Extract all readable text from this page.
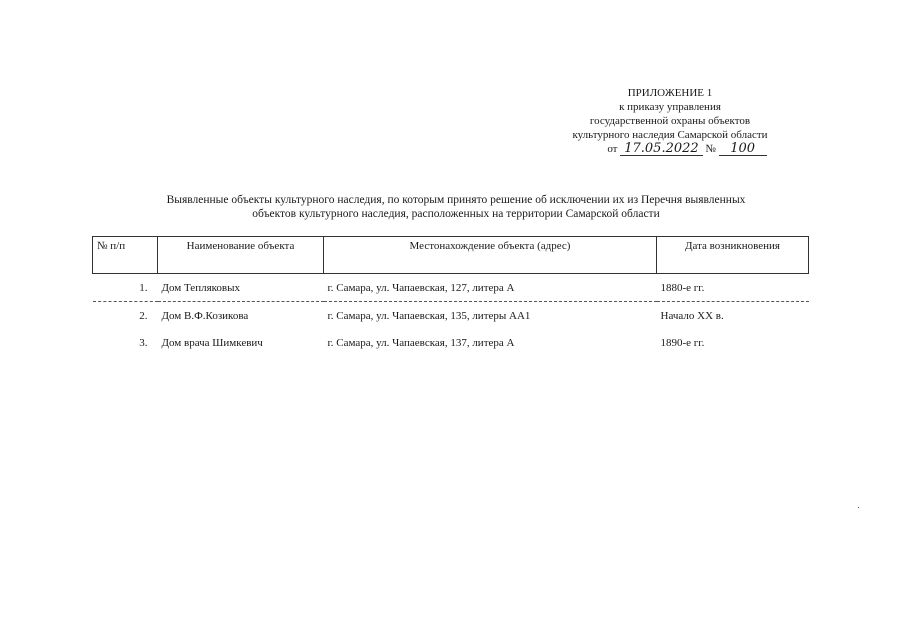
ПРИЛОЖЕНИЕ 1
к приказу управления
государственной охраны объектов
культурного наследия Самарской области
от 17.05.2022 № 100
Выявленные объекты культурного наследия, по которым принято решение об исключении их из Перечня выявленных
объектов культурного наследия, расположенных на территории Самарской области
№ п/п	Наименование объекта	Местонахождение объекта (адрес)	Дата возникновения
1.	Дом Тепляковых	г. Самара, ул. Чапаевская, 127, литера А	1880-е гг.
2.	Дом В.Ф.Козикова	г. Самара, ул. Чапаевская, 135, литеры АА1	Начало XX в.
3.	Дом врача Шимкевич	г. Самара, ул. Чапаевская, 137, литера А	1890-е гг.
